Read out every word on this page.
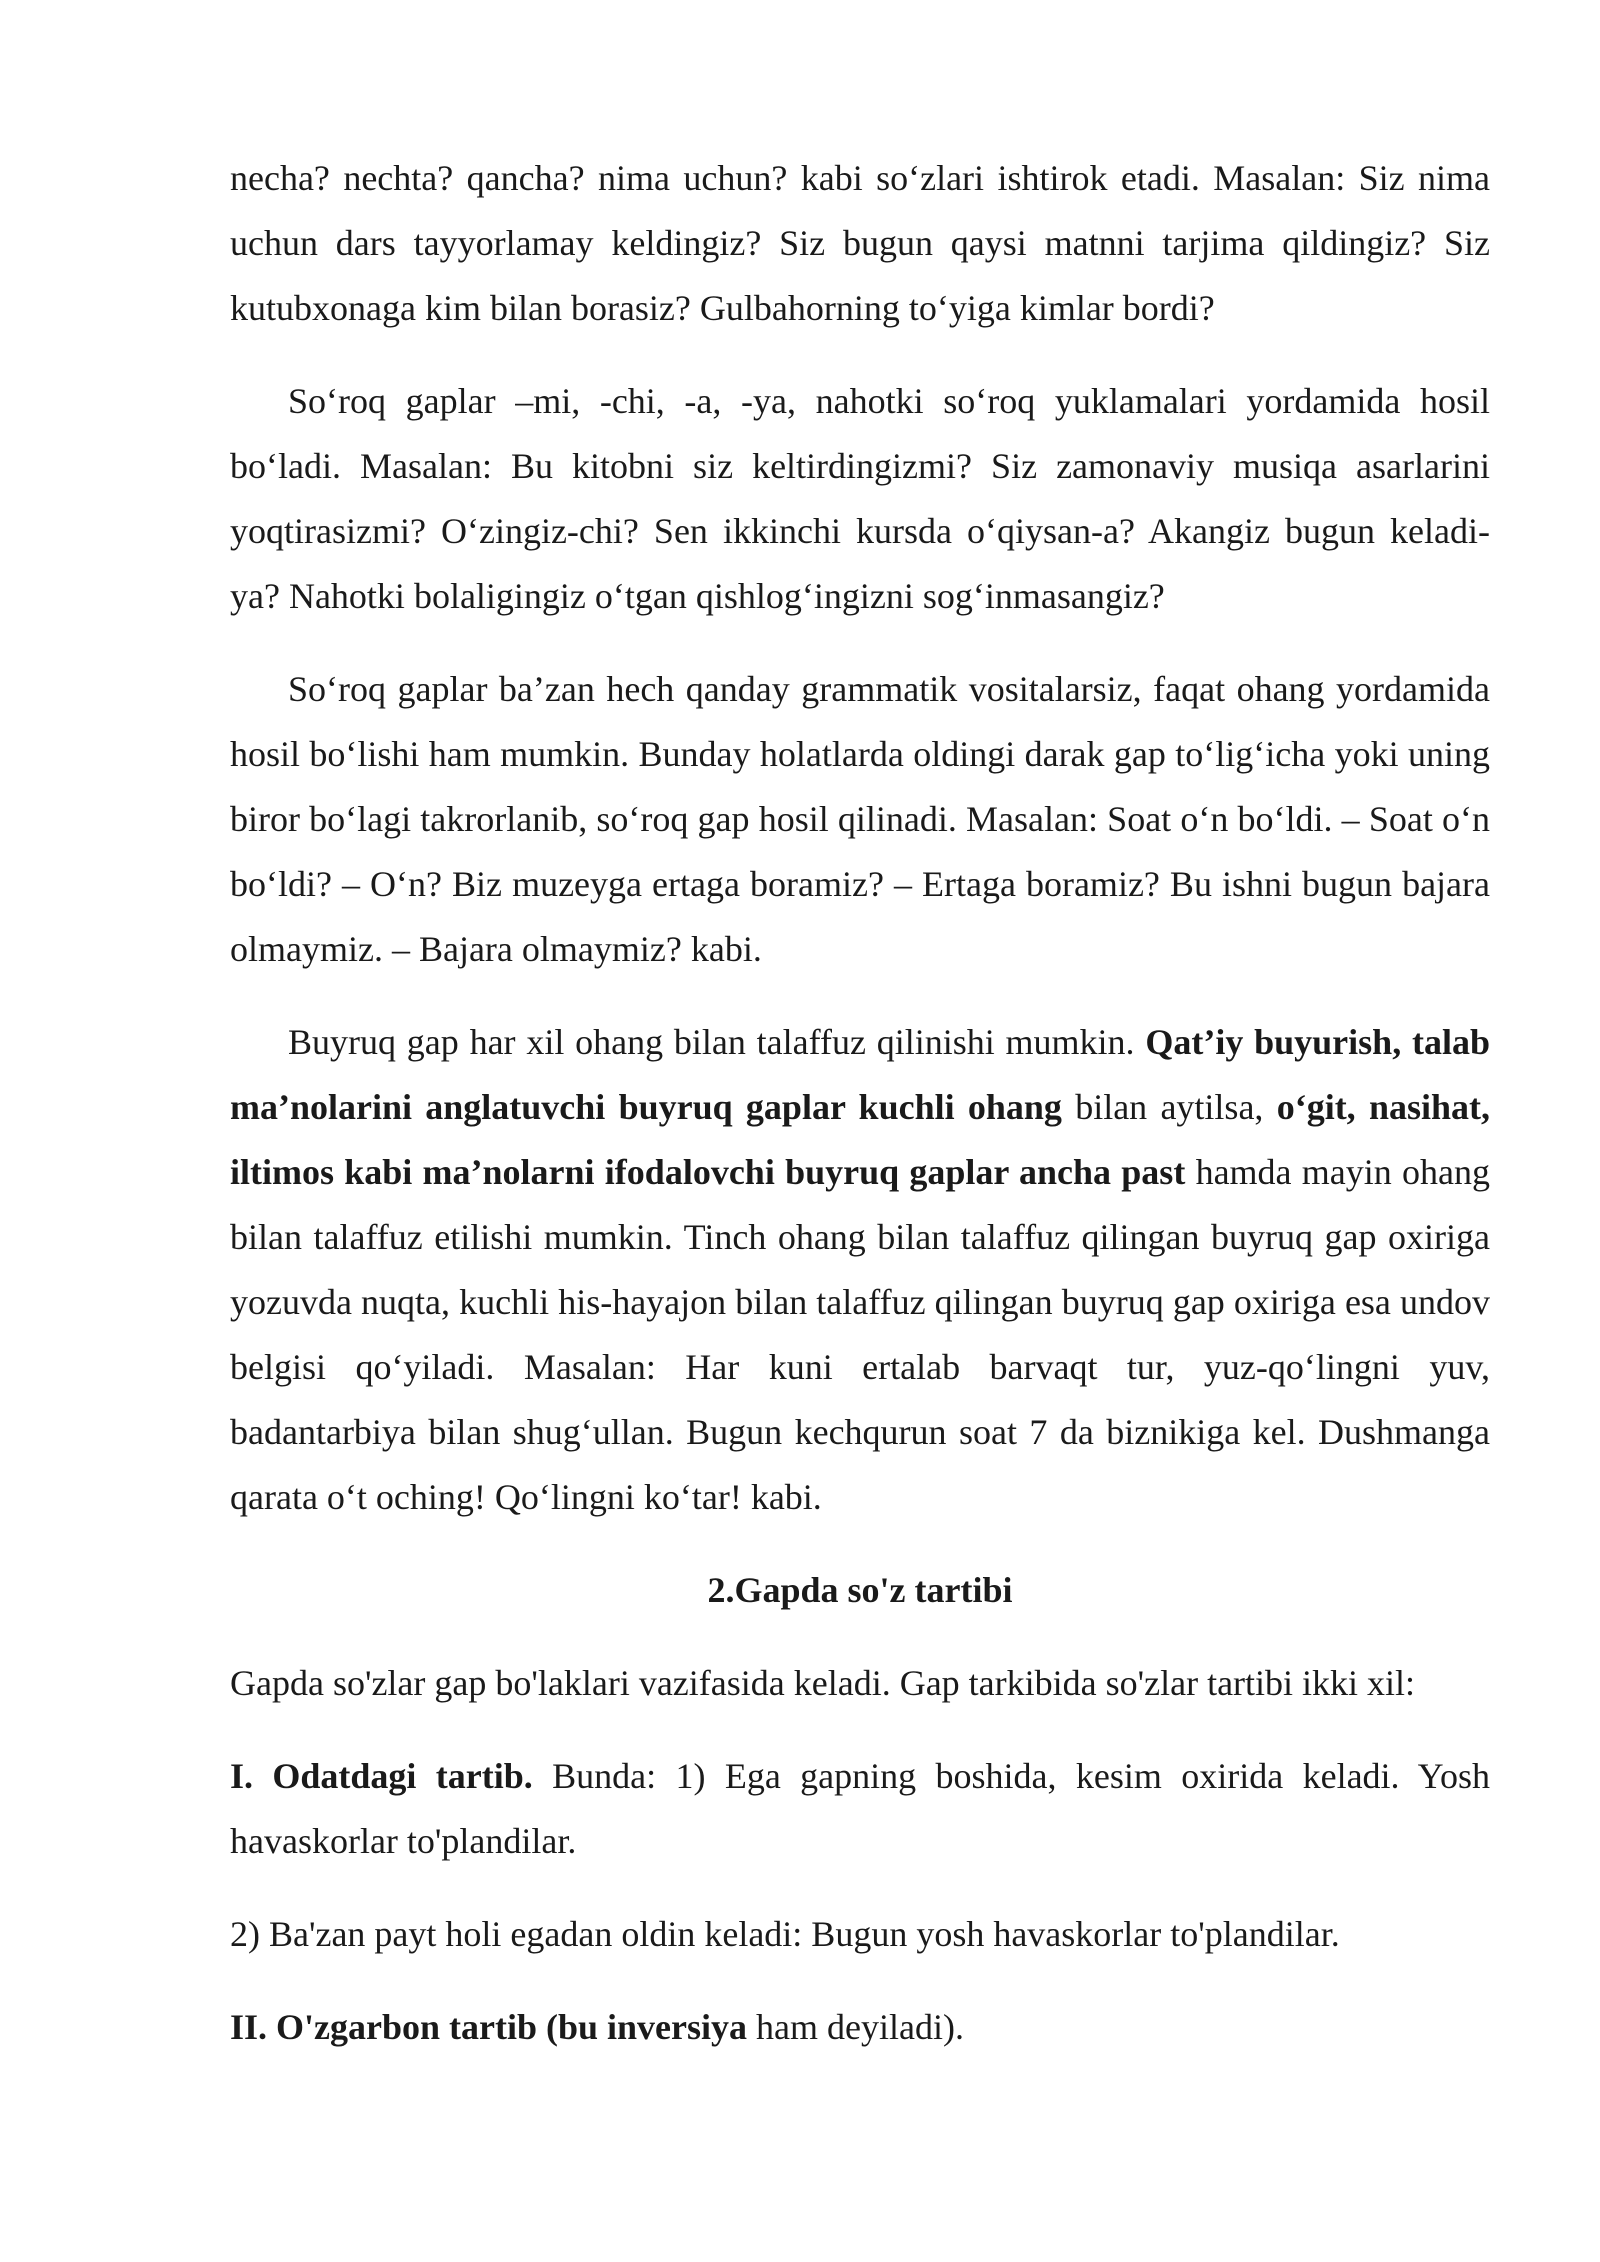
necha? nechta? qancha? nima uchun? kabi so‘zlari ishtirok etadi. Masalan: Siz nima uchun dars tayyorlamay keldingiz? Siz bugun qaysi matnni tarjima qildingiz? Siz kutubxonaga kim bilan borasiz? Gulbahorning to‘yiga kimlar bordi?

So‘roq gaplar –mi, -chi, -a, -ya, nahotki so‘roq yuklamalari yordamida hosil bo‘ladi. Masalan: Bu kitobni siz keltirdingizmi? Siz zamonaviy musiqa asarlarini yoqtirasizmi? O‘zingiz-chi? Sen ikkinchi kursda o‘qiysan-a? Akangiz bugun keladi-ya? Nahotki bolaligingiz o‘tgan qishlog‘ingizni sog‘inmasangiz?

So‘roq gaplar ba’zan hech qanday grammatik vositalarsiz, faqat ohang yordamida hosil bo‘lishi ham mumkin. Bunday holatlarda oldingi darak gap to‘lig‘icha yoki uning biror bo‘lagi takrorlanib, so‘roq gap hosil qilinadi. Masalan: Soat o‘n bo‘ldi. – Soat o‘n bo‘ldi? – O‘n? Biz muzeyga ertaga boramiz? – Ertaga boramiz? Bu ishni bugun bajara olmaymiz. – Bajara olmaymiz? kabi.

Buyruq gap har xil ohang bilan talaffuz qilinishi mumkin. Qat’iy buyurish, talab ma’nolarini anglatuvchi buyruq gaplar kuchli ohang bilan aytilsa, o‘git, nasihat, iltimos kabi ma’nolarni ifodalovchi buyruq gaplar ancha past hamda mayin ohang bilan talaffuz etilishi mumkin. Tinch ohang bilan talaffuz qilingan buyruq gap oxiriga yozuvda nuqta, kuchli his-hayajon bilan talaffuz qilingan buyruq gap oxiriga esa undov belgisi qo‘yiladi. Masalan: Har kuni ertalab barvaqt tur, yuz-qo‘lingni yuv, badantarbiya bilan shug‘ullan. Bugun kechqurun soat 7 da biznikiga kel. Dushmanga qarata o‘t oching! Qo‘lingni ko‘tar! kabi.

2.Gapda so'z tartibi

Gapda so'zlar gap bo'laklari vazifasida keladi. Gap tarkibida so'zlar tartibi ikki xil:

I. Odatdagi tartib. Bunda: 1) Ega gapning boshida, kesim oxirida keladi. Yosh havaskorlar to'plandilar.

2) Ba'zan payt holi egadan oldin keladi: Bugun yosh havaskorlar to'plandilar.

II. O'zgarbon tartib (bu inversiya ham deyiladi).
